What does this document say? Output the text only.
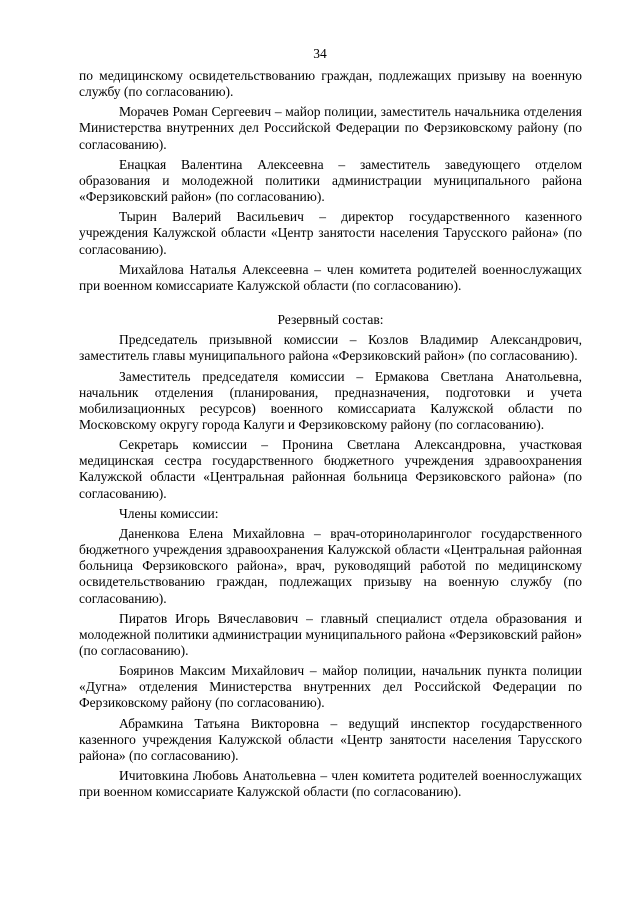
34

по медицинскому освидетельствованию граждан, подлежащих призыву на военную службу (по согласованию).

Морачев Роман Сергеевич – майор полиции, заместитель начальника отделения Министерства внутренних дел Российской Федерации по Ферзиковскому району (по согласованию).

Енацкая Валентина Алексеевна – заместитель заведующего отделом образования и молодежной политики администрации муниципального района «Ферзиковский район» (по согласованию).

Тырин Валерий Васильевич – директор государственного казенного учреждения Калужской области «Центр занятости населения Тарусского района» (по согласованию).

Михайлова Наталья Алексеевна – член комитета родителей военнослужащих при военном комиссариате Калужской области (по согласованию).

Резервный состав:

Председатель призывной комиссии – Козлов Владимир Александрович, заместитель главы муниципального района «Ферзиковский район» (по согласованию).

Заместитель председателя комиссии – Ермакова Светлана Анатольевна, начальник отделения (планирования, предназначения, подготовки и учета мобилизационных ресурсов) военного комиссариата Калужской области по Московскому округу города Калуги и Ферзиковскому району (по согласованию).

Секретарь комиссии – Пронина Светлана Александровна, участковая медицинская сестра государственного бюджетного учреждения здравоохранения Калужской области «Центральная районная больница Ферзиковского района» (по согласованию).

Члены комиссии:

Даненкова Елена Михайловна – врач-оториноларинголог государственного бюджетного учреждения здравоохранения Калужской области «Центральная районная больница Ферзиковского района», врач, руководящий работой по медицинскому освидетельствованию граждан, подлежащих призыву на военную службу (по согласованию).

Пиратов Игорь Вячеславович – главный специалист отдела образования и молодежной политики администрации муниципального района «Ферзиковский район» (по согласованию).

Бояринов Максим Михайлович – майор полиции, начальник пункта полиции «Дугна» отделения Министерства внутренних дел Российской Федерации по Ферзиковскому району (по согласованию).

Абрамкина Татьяна Викторовна – ведущий инспектор государственного казенного учреждения Калужской области «Центр занятости населения Тарусского района» (по согласованию).

Ичитовкина Любовь Анатольевна – член комитета родителей военнослужащих при военном комиссариате Калужской области (по согласованию).
